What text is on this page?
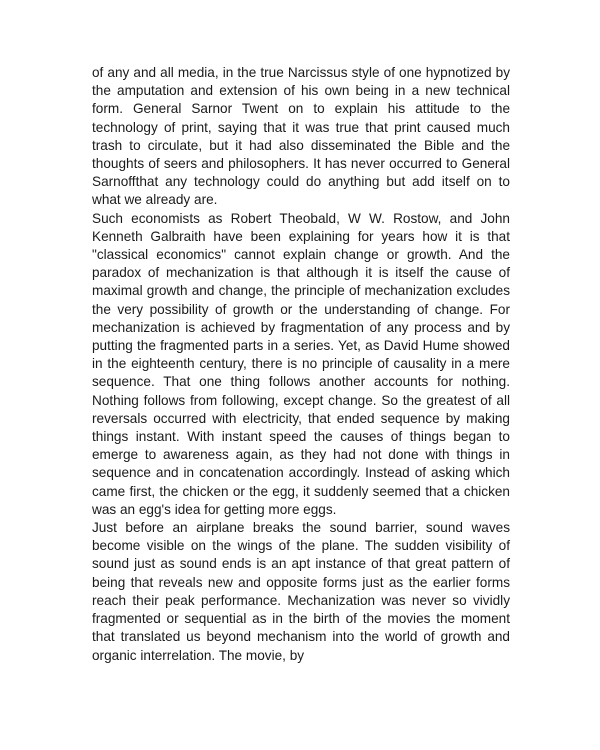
of any and all media, in the true Narcissus style of one hypnotized by the amputation and extension of his own being in a new technical form. General Sarnor Twent on to explain his attitude to the technology of print, saying that it was true that print caused much trash to circulate, but it had also disseminated the Bible and the thoughts of seers and philosophers. It has never occurred to General Sarnoffthat any technology could do anything but add itself on to what we already are.

Such economists as Robert Theobald, W W. Rostow, and John Kenneth Galbraith have been explaining for years how it is that "classical economics" cannot explain change or growth. And the paradox of mechanization is that although it is itself the cause of maximal growth and change, the principle of mechanization excludes the very possibility of growth or the understanding of change. For mechanization is achieved by fragmentation of any process and by putting the fragmented parts in a series. Yet, as David Hume showed in the eighteenth century, there is no principle of causality in a mere sequence. That one thing follows another accounts for nothing. Nothing follows from following, except change. So the greatest of all reversals occurred with electricity, that ended sequence by making things instant. With instant speed the causes of things began to emerge to awareness again, as they had not done with things in sequence and in concatenation accordingly. Instead of asking which came first, the chicken or the egg, it suddenly seemed that a chicken was an egg's idea for getting more eggs.

Just before an airplane breaks the sound barrier, sound waves become visible on the wings of the plane. The sudden visibility of sound just as sound ends is an apt instance of that great pattern of being that reveals new and opposite forms just as the earlier forms reach their peak performance. Mechanization was never so vividly fragmented or sequential as in the birth of the movies the moment that translated us beyond mechanism into the world of growth and organic interrelation. The movie, by
